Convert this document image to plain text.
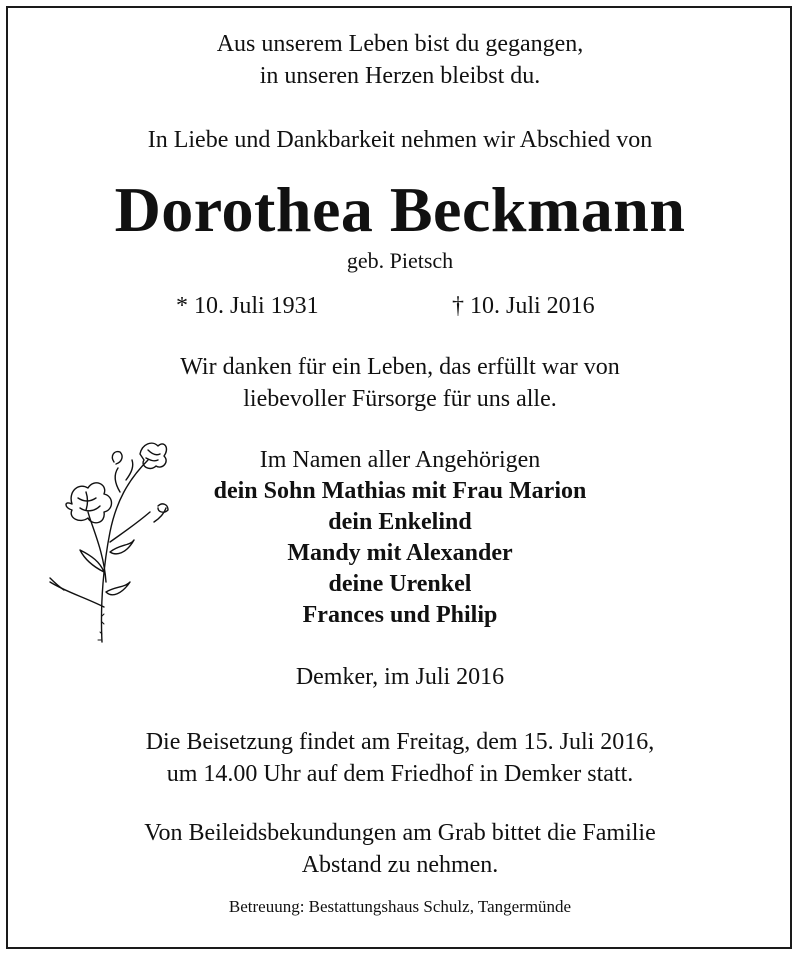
Aus unserem Leben bist du gegangen,
in unseren Herzen bleibst du.
In Liebe und Dankbarkeit nehmen wir Abschied von
Dorothea Beckmann
geb. Pietsch
* 10. Juli 1931	† 10. Juli 2016
Wir danken für ein Leben, das erfüllt war von
liebevoller Fürsorge für uns alle.
Im Namen aller Angehörigen
dein Sohn Mathias mit Frau Marion
dein Enkelind
Mandy mit Alexander
deine Urenkel
Frances und Philip
Demker, im Juli 2016
Die Beisetzung findet am Freitag, dem 15. Juli 2016,
um 14.00 Uhr auf dem Friedhof in Demker statt.
Von Beileidsbekundungen am Grab bittet die Familie
Abstand zu nehmen.
Betreuung: Bestattungshaus Schulz, Tangermünde
